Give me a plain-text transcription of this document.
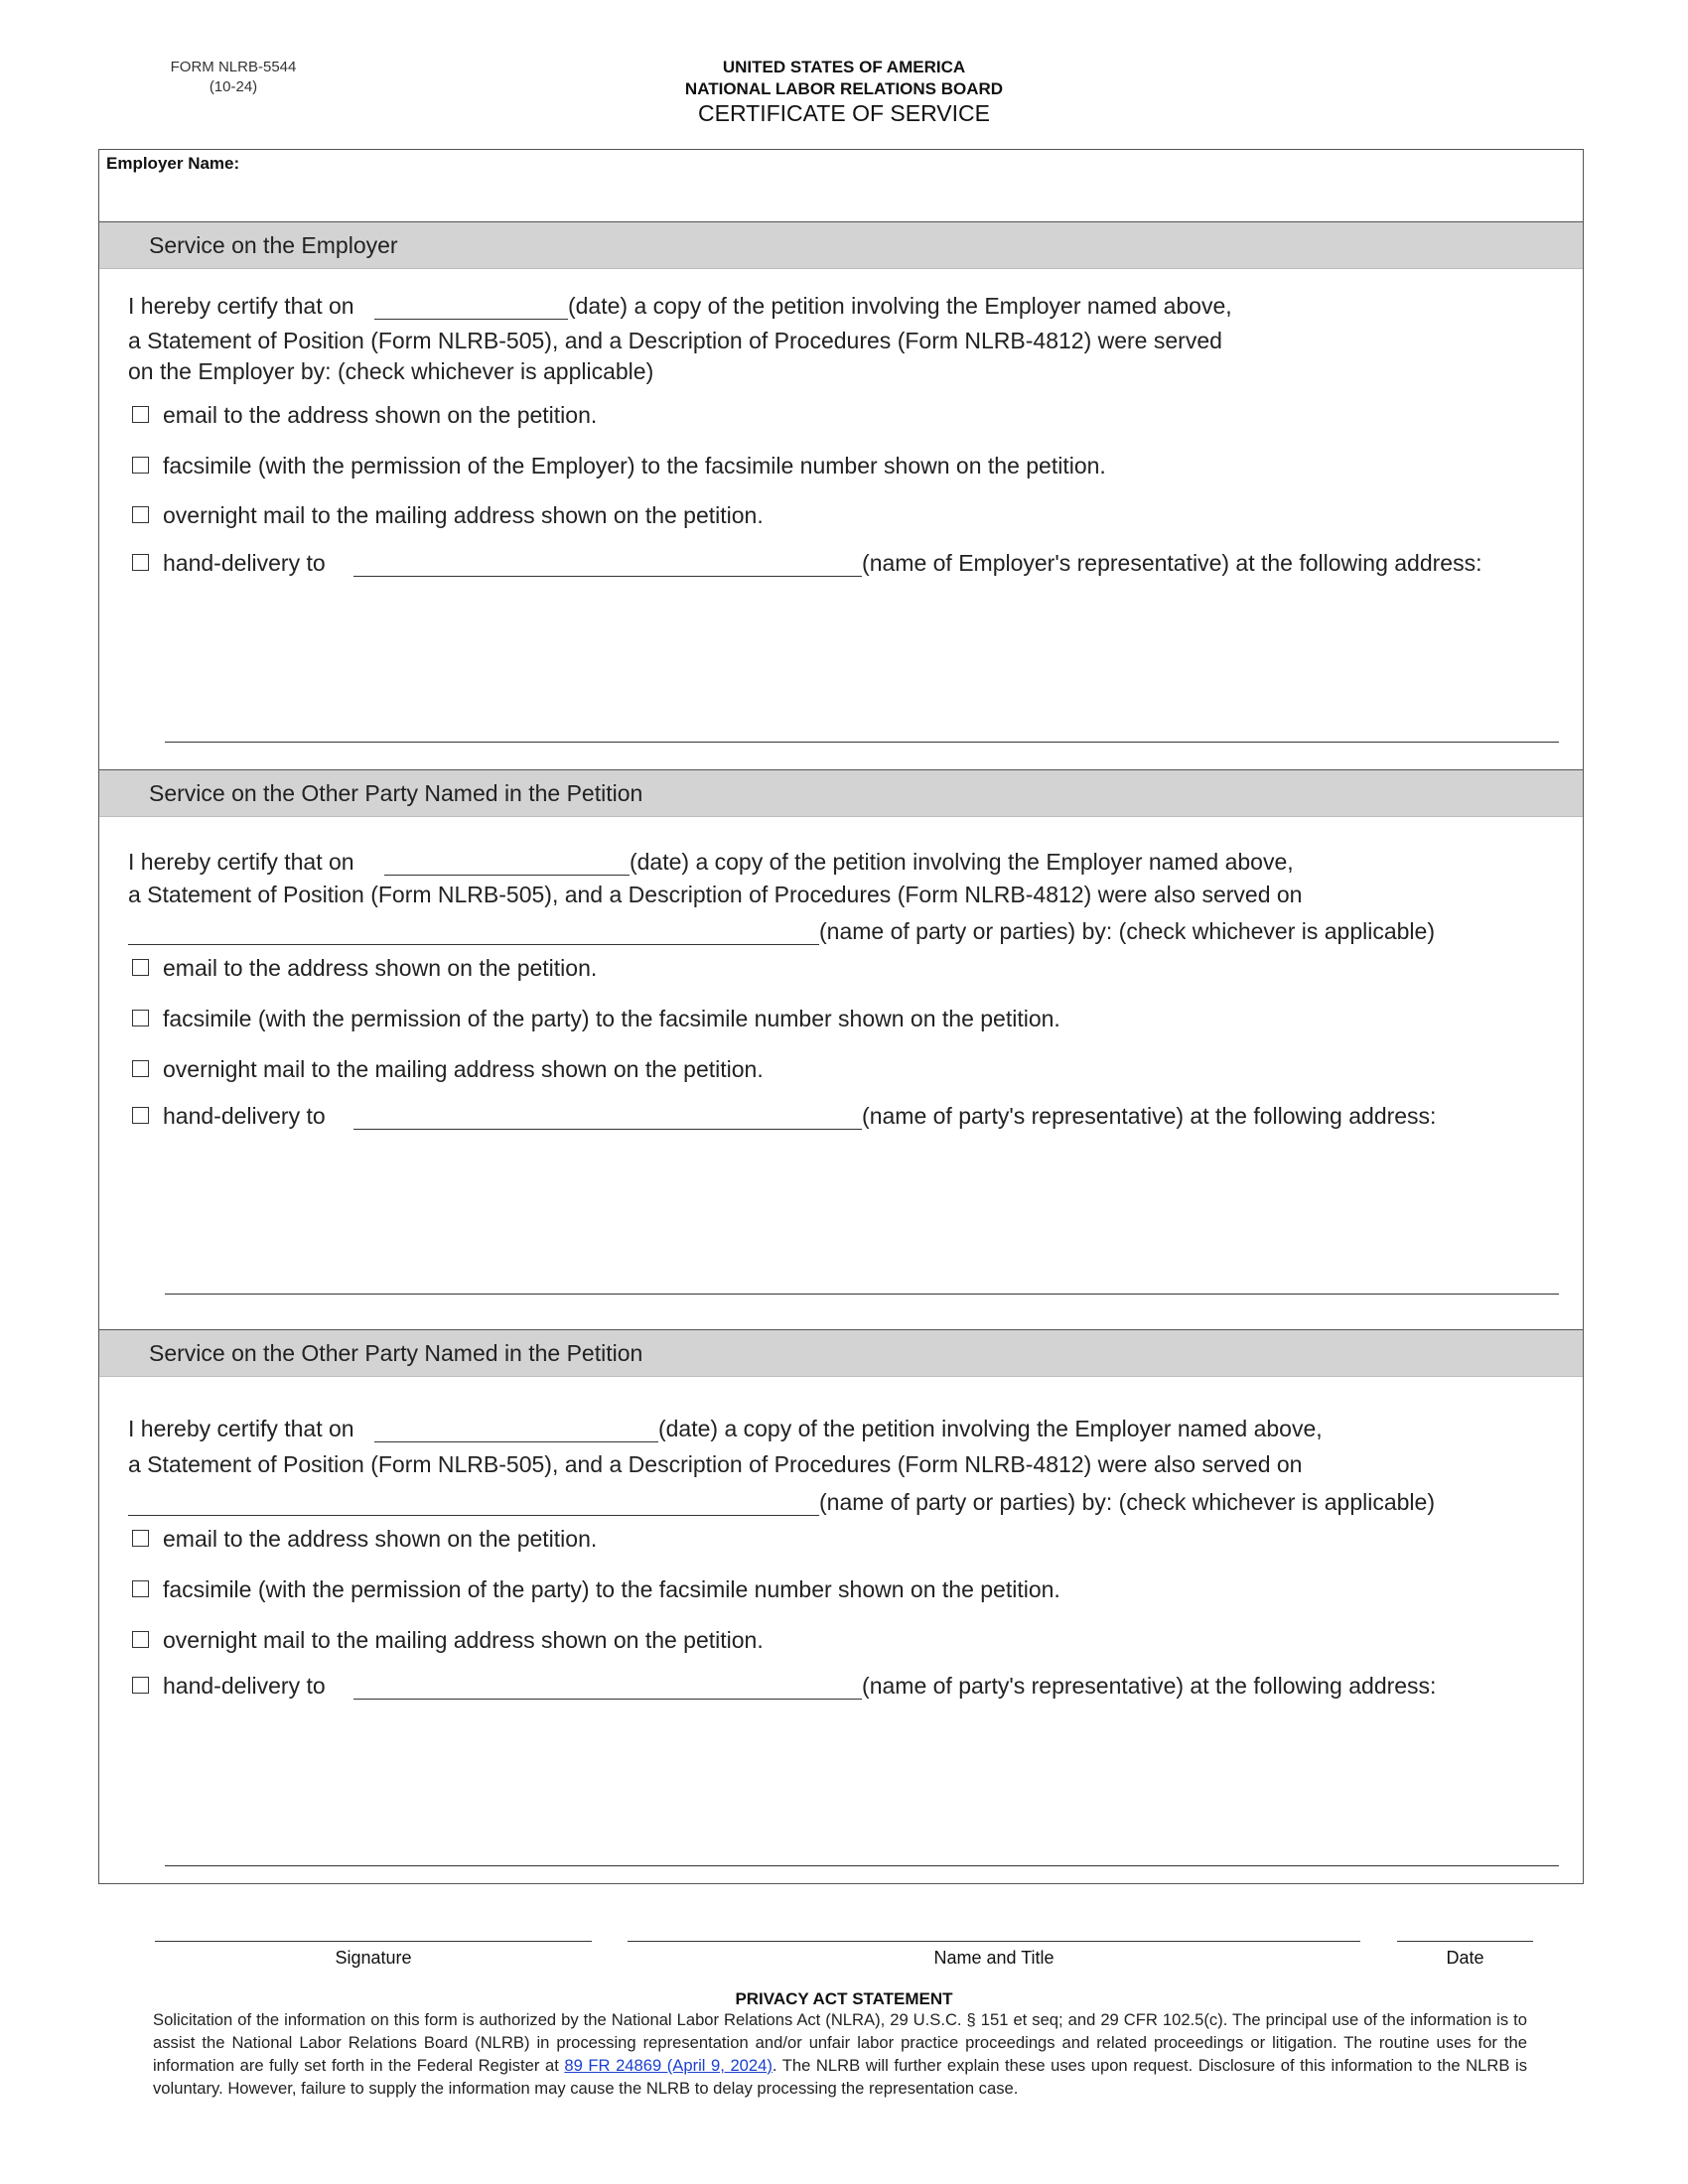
FORM NLRB-5544
(10-24)
UNITED STATES OF AMERICA
NATIONAL LABOR RELATIONS BOARD
CERTIFICATE OF SERVICE
Employer Name:
Service on the Employer
I hereby certify that on	(date) a copy of the petition involving the Employer named above,
a Statement of Position (Form NLRB-505), and a Description of Procedures (Form NLRB-4812) were served
on the Employer by: (check whichever is applicable)
email to the address shown on the petition.
facsimile (with the permission of the Employer) to the facsimile number shown on the petition.
overnight mail to the mailing address shown on the petition.
hand-delivery to	(name of Employer's representative) at the following address:
Service on the Other Party Named in the Petition
I hereby certify that on	(date) a copy of the petition involving the Employer named above,
a Statement of Position (Form NLRB-505), and a Description of Procedures (Form NLRB-4812) were also served on
(name of party or parties) by: (check whichever is applicable)
email to the address shown on the petition.
facsimile (with the permission of the party) to the facsimile number shown on the petition.
overnight mail to the mailing address shown on the petition.
hand-delivery to	(name of party's representative) at the following address:
Service on the Other Party Named in the Petition
I hereby certify that on	(date) a copy of the petition involving the Employer named above,
a Statement of Position (Form NLRB-505), and a Description of Procedures (Form NLRB-4812) were also served on
(name of party or parties) by: (check whichever is applicable)
email to the address shown on the petition.
facsimile (with the permission of the party) to the facsimile number shown on the petition.
overnight mail to the mailing address shown on the petition.
hand-delivery to	(name of party's representative) at the following address:
Signature	Name and Title	Date
PRIVACY ACT STATEMENT
Solicitation of the information on this form is authorized by the National Labor Relations Act (NLRA), 29 U.S.C. § 151 et seq; and 29 CFR 102.5(c). The principal use of the information is to assist the National Labor Relations Board (NLRB) in processing representation and/or unfair labor practice proceedings and related proceedings or litigation. The routine uses for the information are fully set forth in the Federal Register at 89 FR 24869 (April 9, 2024). The NLRB will further explain these uses upon request. Disclosure of this information to the NLRB is voluntary. However, failure to supply the information may cause the NLRB to delay processing the representation case.
